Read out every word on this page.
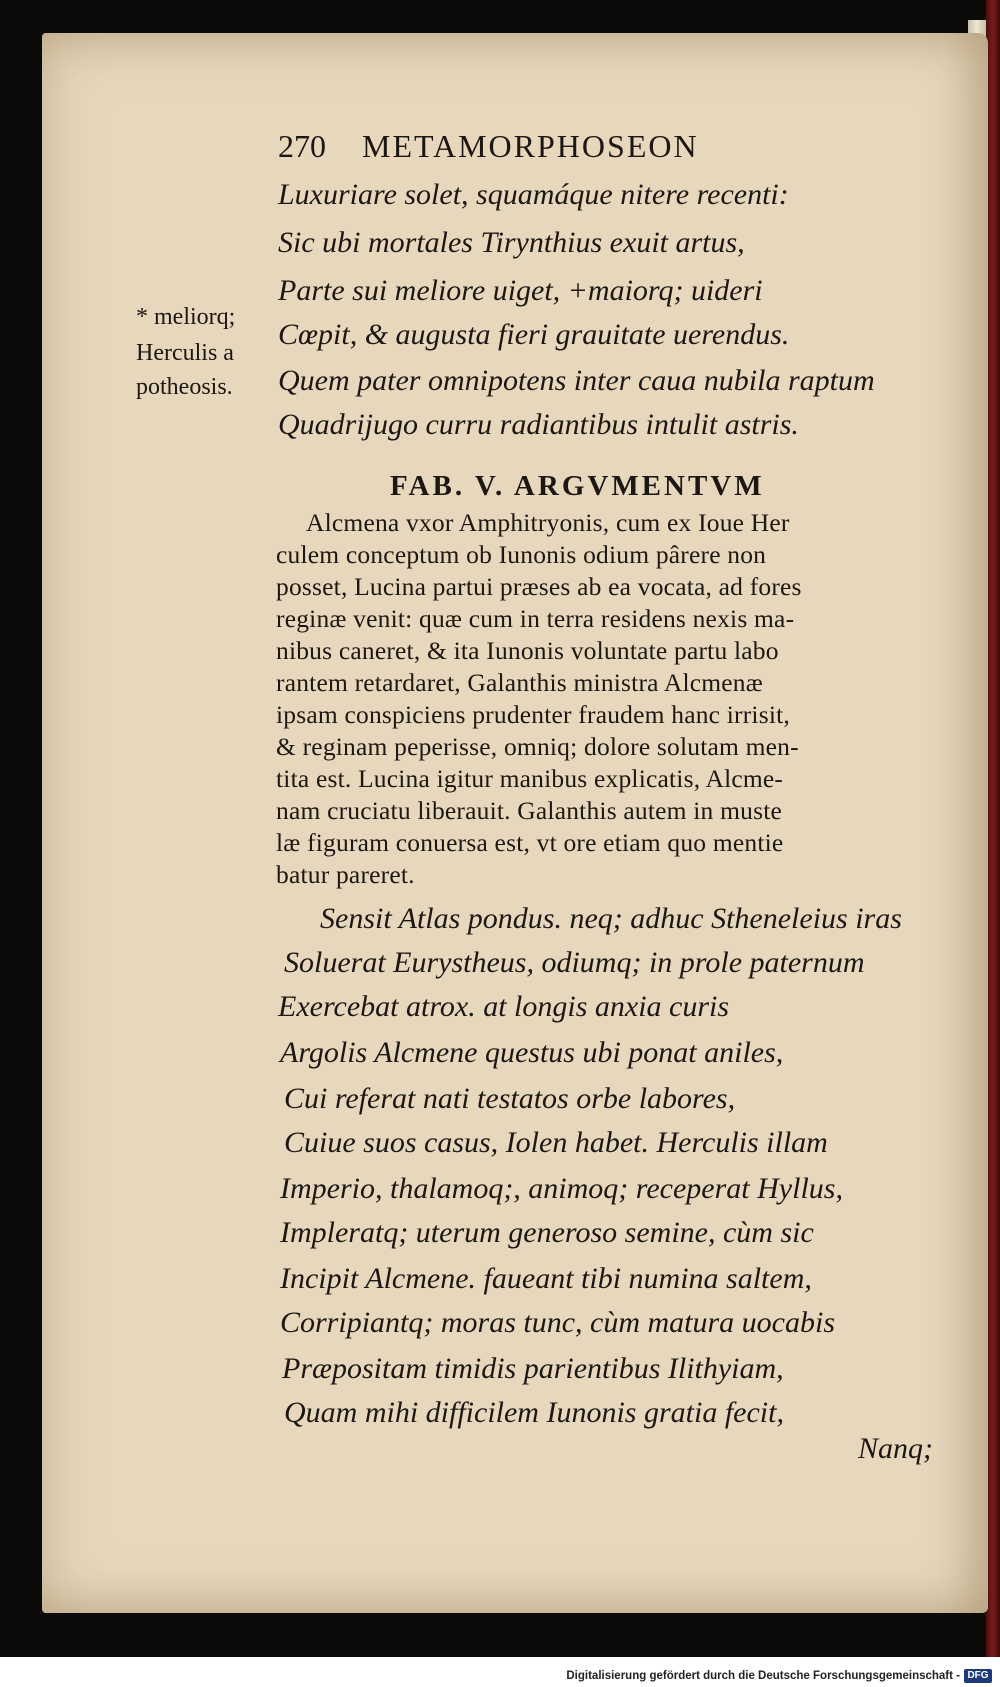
270 METAMORPHOSEON
Luxuriare solet, squamáque nitere recenti:
Sic ubi mortales Tirynthius exuit artus,
Parte sui meliore uiget, +maiorq; uideri
Cœpit, & augusta fieri grauitate uerendus.
Quem pater omnipotens inter caua nubila raptum
Quadrijugo curru radiantibus intulit astris.
* meliorq;
Herculis a
potheosis.
FAB. V. ARGVMENTVM
Alcmena vxor Amphitryonis, cum ex Ioue Her
culem conceptum ob Iunonis odium pârere non
posset, Lucina partui præses ab ea vocata, ad fores
reginæ venit: quæ cum in terra residens nexis ma-
nibus caneret, & ita Iunonis voluntate partu labo
rantem retardaret, Galanthis ministra Alcmenæ
ipsam conspiciens prudenter fraudem hanc irrisit,
& reginam peperisse, omniq; dolore solutam men-
tita est. Lucina igitur manibus explicatis, Alcme-
nam cruciatu liberauit. Galanthis autem in muste
læ figuram conuersa est, vt ore etiam quo mentie
batur pareret.
Sensit Atlas pondus. neq; adhuc Stheneleius iras
Soluerat Eurystheus, odiumq; in prole paternum
Exercebat atrox. at longis anxia curis
Argolis Alcmene questus ubi ponat aniles,
Cui referat nati testatos orbe labores,
Cuiue suos casus, Iolen habet. Herculis illam
Imperio, thalamoq;, animoq; receperat Hyllus,
Impleratq; uterum generoso semine, cùm sic
Incipit Alcmene. faueant tibi numina saltem,
Corripiantq; moras tunc, cùm matura uocabis
Præpositam timidis parientibus Ilithyiam,
Quam mihi difficilem Iunonis gratia fecit,
Nanq;
Digitalisierung gefördert durch die Deutsche Forschungsgemeinschaft - DFG
